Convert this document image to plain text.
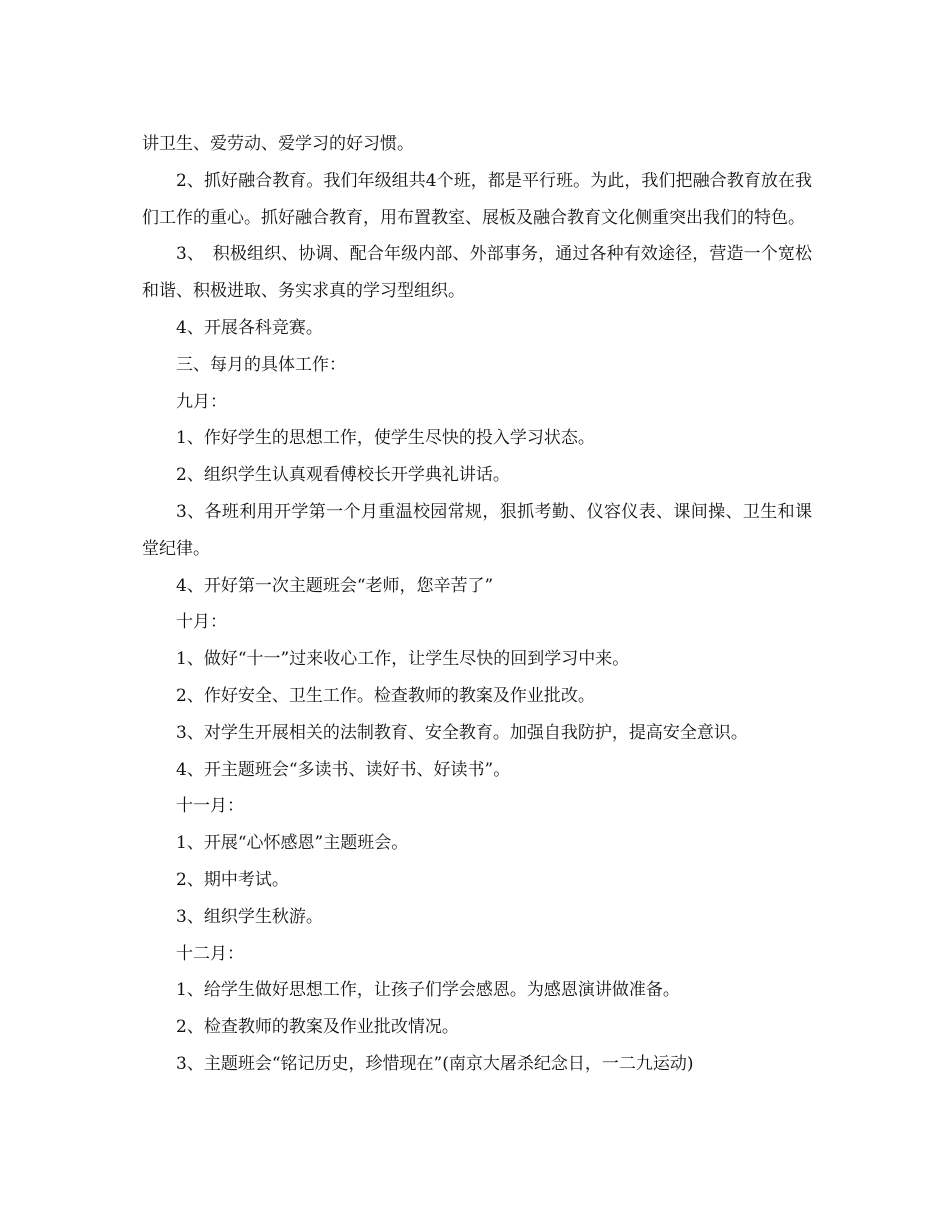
讲卫生、爱劳动、爱学习的好习惯。

2、抓好融合教育。我们年级组共4个班，都是平行班。为此，我们把融合教育放在我们工作的重心。抓好融合教育，用布置教室、展板及融合教育文化侧重突出我们的特色。

3、　积极组织、协调、配合年级内部、外部事务，通过各种有效途径，营造一个宽松和谐、积极进取、务实求真的学习型组织。

4、开展各科竞赛。

三、每月的具体工作：

九月：

1、作好学生的思想工作，使学生尽快的投入学习状态。

2、组织学生认真观看傅校长开学典礼讲话。

3、各班利用开学第一个月重温校园常规，狠抓考勤、仪容仪表、课间操、卫生和课堂纪律。

4、开好第一次主题班会“老师，您辛苦了”

十月：

1、做好“十一”过来收心工作，让学生尽快的回到学习中来。

2、作好安全、卫生工作。检查教师的教案及作业批改。

3、对学生开展相关的法制教育、安全教育。加强自我防护，提高安全意识。

4、开主题班会“多读书、读好书、好读书”。

十一月：

1、开展“心怀感恩”主题班会。

2、期中考试。

3、组织学生秋游。

十二月：

1、给学生做好思想工作，让孩子们学会感恩。为感恩演讲做准备。

2、检查教师的教案及作业批改情况。

3、主题班会“铭记历史，珍惜现在”(南京大屠杀纪念日，一二九运动)
